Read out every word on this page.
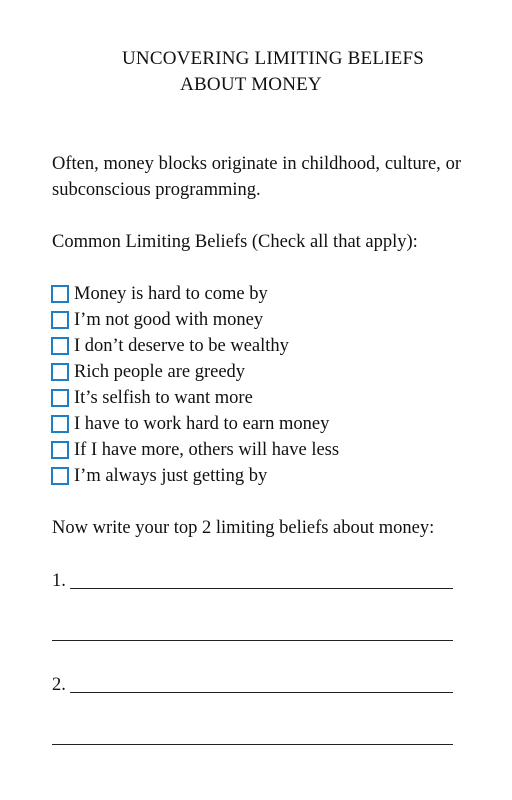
UNCOVERING LIMITING BELIEFS
ABOUT MONEY

Often, money blocks originate in childhood, culture, or subconscious programming.

Common Limiting Beliefs (Check all that apply):
Money is hard to come by
I’m not good with money
I don’t deserve to be wealthy
Rich people are greedy
It’s selfish to want more
I have to work hard to earn money
If I have more, others will have less
I’m always just getting by
Now write your top 2 limiting beliefs about money:
1.
2.
